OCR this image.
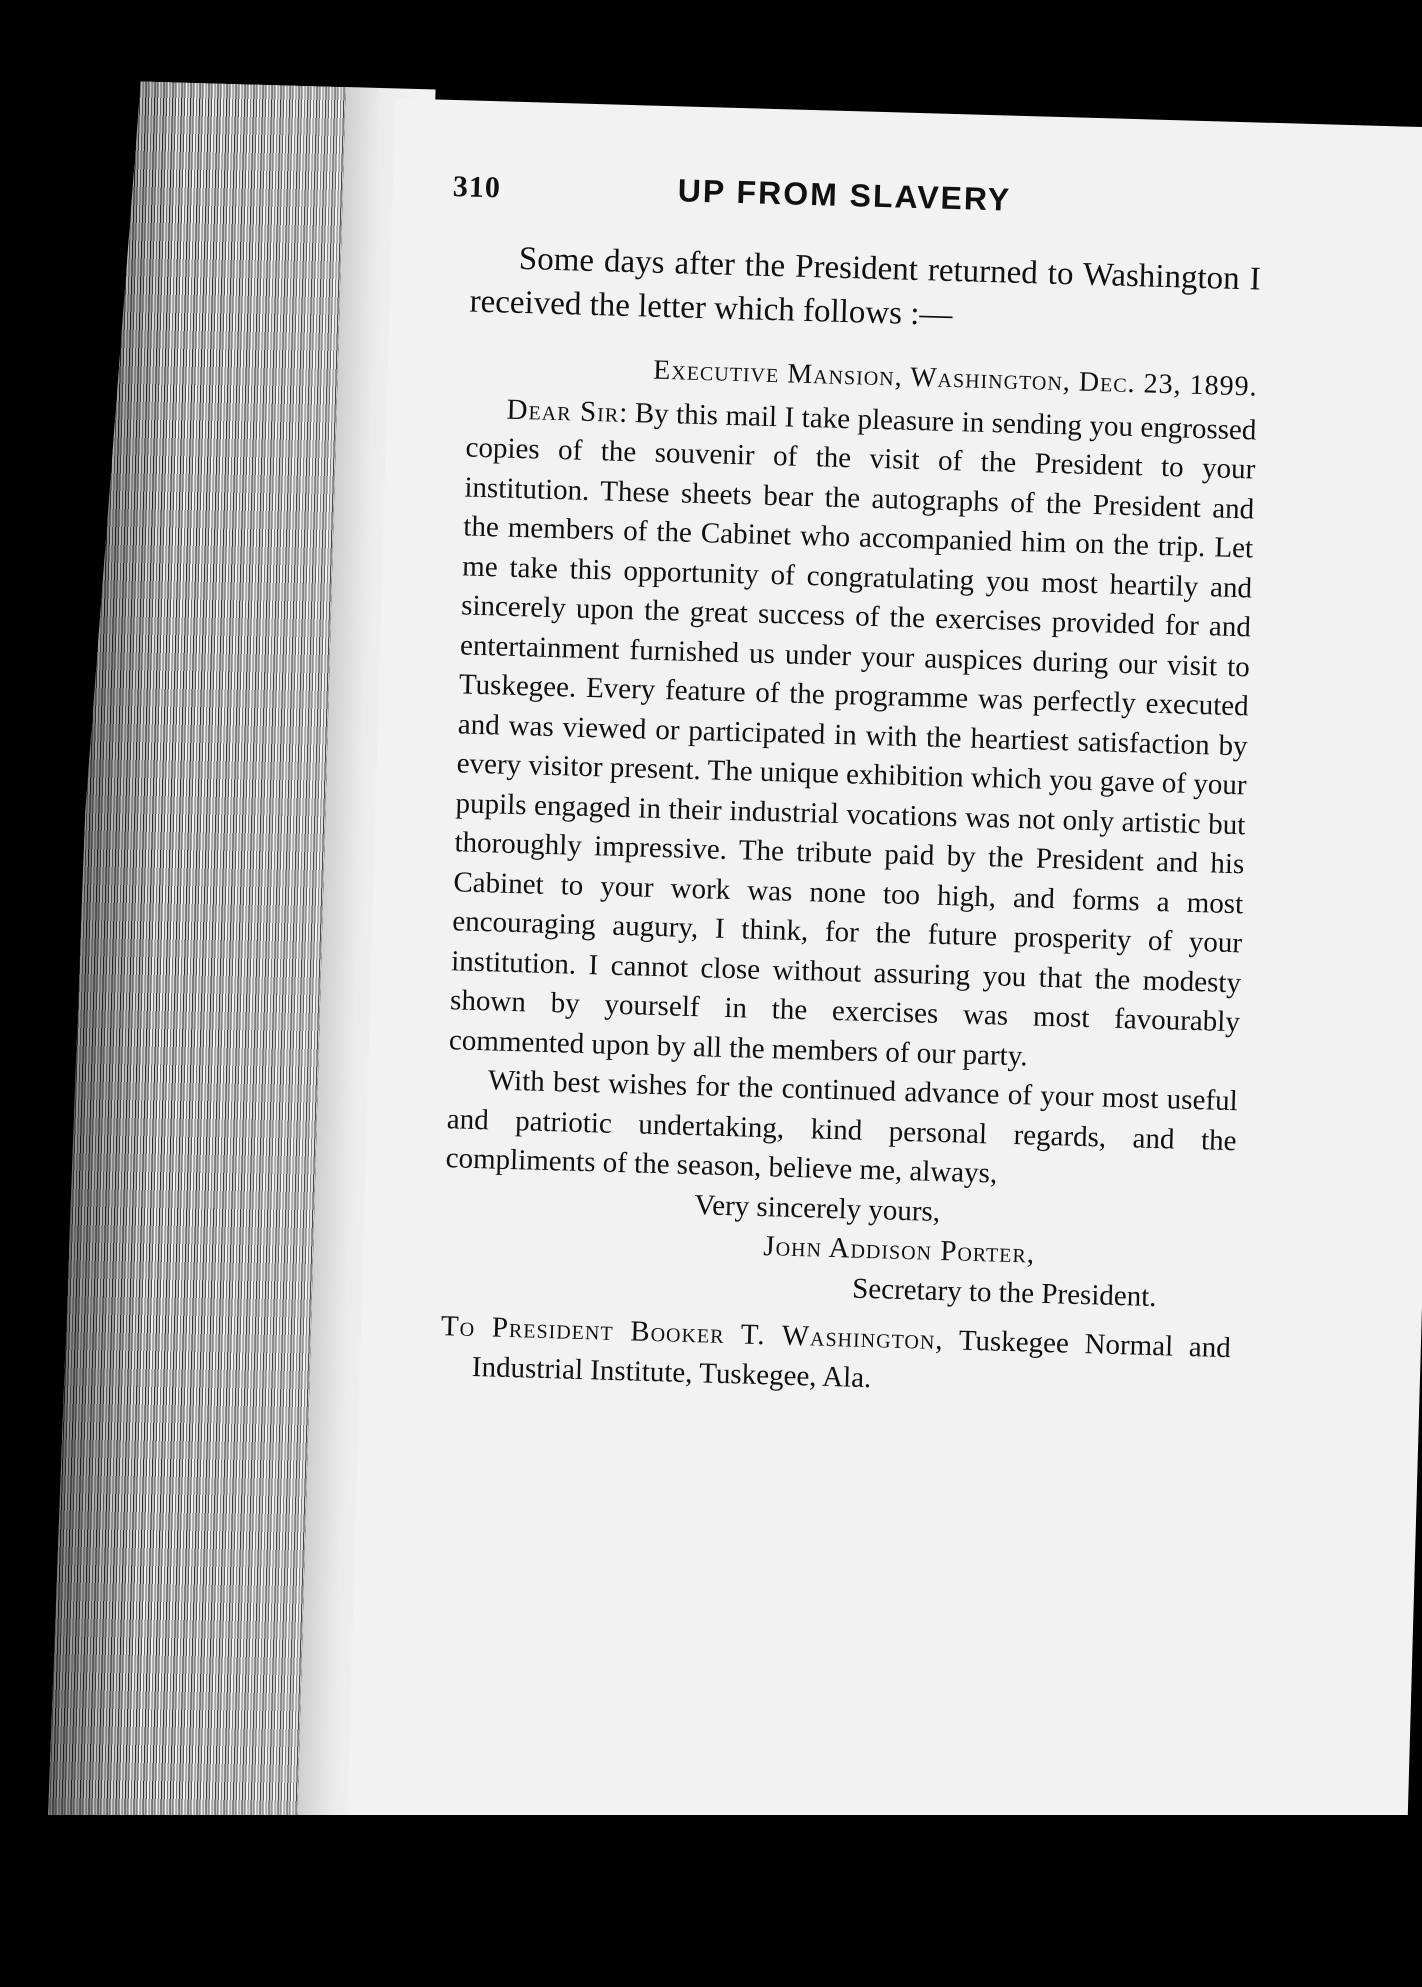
310	UP FROM SLAVERY

Some days after the President returned to Washington I received the letter which follows :—

Executive Mansion, Washington, Dec. 23, 1899.

Dear Sir: By this mail I take pleasure in sending you engrossed copies of the souvenir of the visit of the President to your institution. These sheets bear the autographs of the President and the members of the Cabinet who accompanied him on the trip. Let me take this opportunity of congratulating you most heartily and sincerely upon the great success of the exercises provided for and entertainment furnished us under your auspices during our visit to Tuskegee. Every feature of the programme was perfectly executed and was viewed or participated in with the heartiest satisfaction by every visitor present. The unique exhibition which you gave of your pupils engaged in their industrial vocations was not only artistic but thoroughly impressive. The tribute paid by the President and his Cabinet to your work was none too high, and forms a most encouraging augury, I think, for the future prosperity of your institution. I cannot close without assuring you that the modesty shown by yourself in the exercises was most favourably commented upon by all the members of our party.

With best wishes for the continued advance of your most useful and patriotic undertaking, kind personal regards, and the compliments of the season, believe me, always,

Very sincerely yours,

John Addison Porter,

Secretary to the President.

To President Booker T. Washington, Tuskegee Normal and Industrial Institute, Tuskegee, Ala.
